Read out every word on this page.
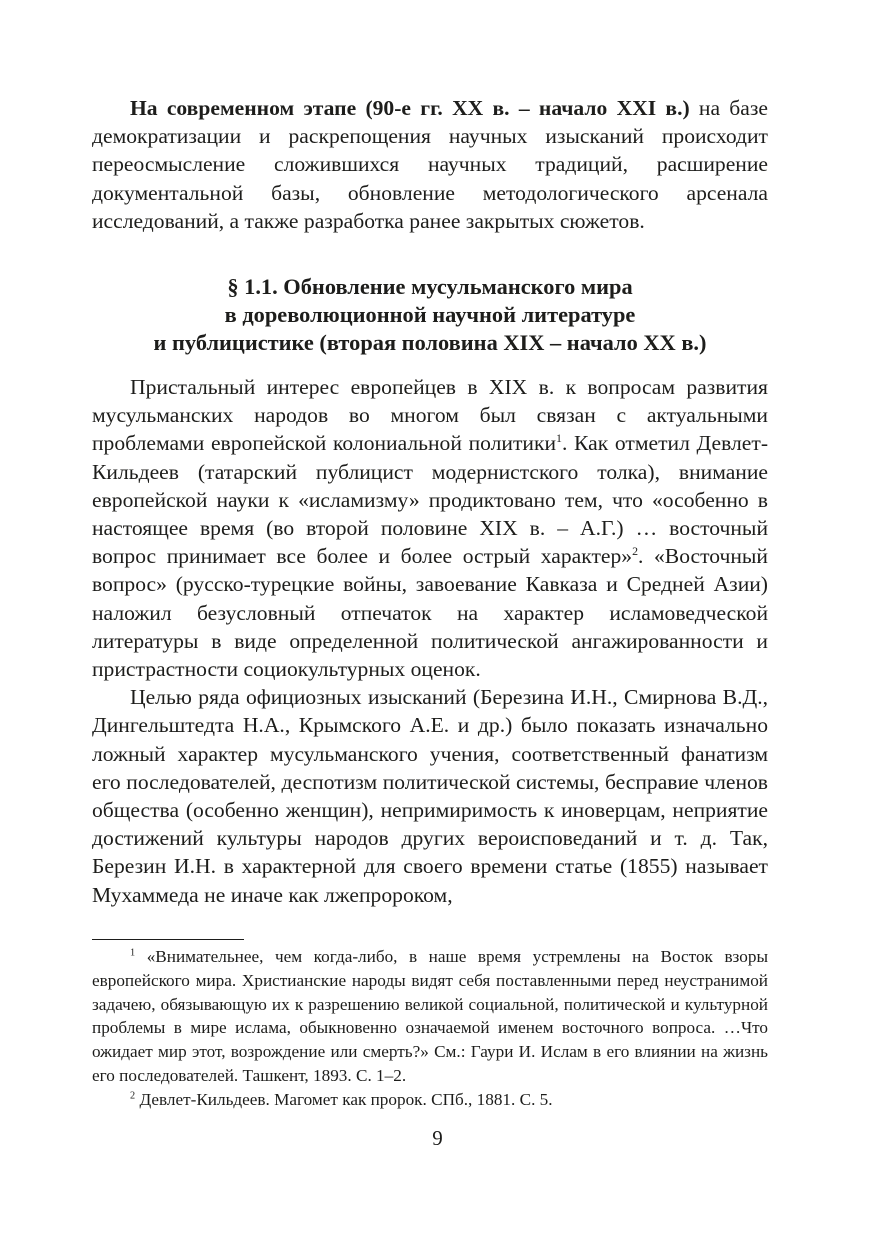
На современном этапе (90-е гг. XX в. – начало XXI в.) на базе демократизации и раскрепощения научных изысканий происходит переосмысление сложившихся научных традиций, расширение документальной базы, обновление методологического арсенала исследований, а также разработка ранее закрытых сюжетов.

§ 1.1. Обновление мусульманского мира
в дореволюционной научной литературе
и публицистике (вторая половина XIX – начало XX в.)

Пристальный интерес европейцев в XIX в. к вопросам развития мусульманских народов во многом был связан с актуальными проблемами европейской колониальной политики$^1$. Как отметил Девлет-Кильдеев (татарский публицист модернистского толка), внимание европейской науки к «исламизму» продиктовано тем, что «особенно в настоящее время (во второй половине XIX в. – А.Г.) … восточный вопрос принимает все более и более острый характер»$^2$. «Восточный вопрос» (русско-турецкие войны, завоевание Кавказа и Средней Азии) наложил безусловный отпечаток на характер исламоведческой литературы в виде определенной политической ангажированности и пристрастности социокультурных оценок.

Целью ряда официозных изысканий (Березина И.Н., Смирнова В.Д., Дингельштедта Н.А., Крымского А.Е. и др.) было показать изначально ложный характер мусульманского учения, соответственный фанатизм его последователей, деспотизм политической системы, бесправие членов общества (особенно женщин), непримиримость к иноверцам, неприятие достижений культуры народов других вероисповеданий и т. д. Так, Березин И.Н. в характерной для своего времени статье (1855) называет Мухаммеда не иначе как лжепророком,

$^1$ «Внимательнее, чем когда-либо, в наше время устремлены на Восток взоры европейского мира. Христианские народы видят себя поставленными перед неустранимой задачею, обязывающую их к разрешению великой социальной, политической и культурной проблемы в мире ислама, обыкновенно означаемой именем восточного вопроса. …Что ожидает мир этот, возрождение или смерть?» См.: Гаури И. Ислам в его влиянии на жизнь его последователей. Ташкент, 1893. С. 1–2.

$^2$ Девлет-Кильдеев. Магомет как пророк. СПб., 1881. С. 5.

9
